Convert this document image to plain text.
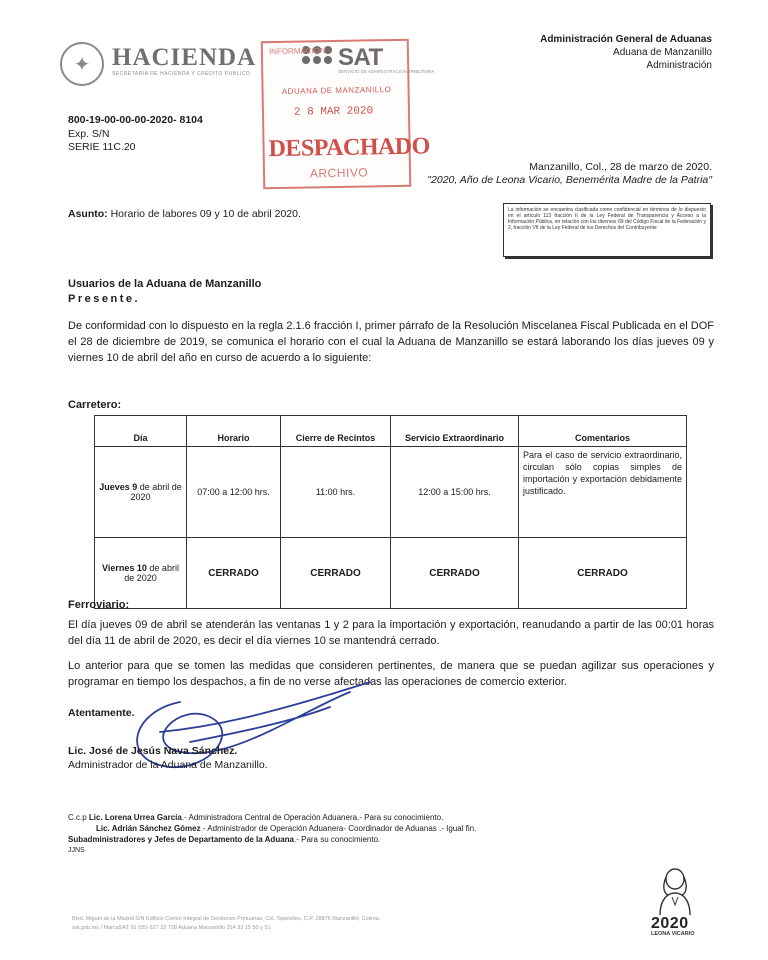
✦ HACIENDA
SECRETARÍA DE HACIENDA Y CRÉDITO PÚBLICO
SAT
SERVICIO DE ADMINISTRACIÓN TRIBUTARIA
INFORMACIÓN
ADUANA DE MANZANILLO
2 8 MAR 2020
DESPACHADO
ARCHIVO
Administración General de Aduanas
Aduana de Manzanillo
Administración
800-19-00-00-00-2020- 8104
Exp. S/N
SERIE 11C.20
Manzanillo, Col., 28 de marzo de 2020.
"2020, Año de Leona Vicario, Benemérita Madre de la Patria"
Asunto: Horario de labores 09 y 10 de abril 2020.	La información se encuentra clasificada como confidencial en términos de lo dispuesto en el artículo 113 fracción II de la Ley Federal de Transparencia y Acceso a la Información Pública, en relación con los diversos 69 del Código Fiscal de la Federación y 2, fracción VII de la Ley Federal de los Derechos del Contribuyente
Usuarios de la Aduana de Manzanillo
Presente.
De conformidad con lo dispuesto en la regla 2.1.6 fracción I, primer párrafo de la Resolución Miscelanea Fiscal Publicada en el DOF el 28 de diciembre de 2019, se comunica el horario con el cual la Aduana de Manzanillo se estará laborando los días jueves 09 y viernes 10 de abril del año en curso de acuerdo a lo siguiente:
Carretero:
Día	Horario	Cierre de Recintos	Servicio Extraordinario	Comentarios
Jueves 9 de abril de 2020	07:00 a 12:00 hrs.	11:00 hrs.	12:00 a 15:00 hrs.	Para el caso de servicio extraordinario, circulan sólo copias simples de importación y exportación debidamente justificado.
Viernes 10 de abril de 2020	CERRADO	CERRADO	CERRADO	CERRADO
Ferroviario:
El día jueves 09 de abril se atenderán las ventanas 1 y 2 para la importación y exportación, reanudando a partir de las 00:01 horas del día 11 de abril de 2020, es decir el día viernes 10 se mantendrá cerrado.
Lo anterior para que se tomen las medidas que consideren pertinentes, de manera que se puedan agilizar sus operaciones y programar en tiempo los despachos, a fin de no verse afectadas las operaciones de comercio exterior.
Atentamente.
Lic. José de Jesús Nava Sánchez.
Administrador de la Aduana de Manzanillo.
C.c.p Lic. Lorena Urrea García.- Administradora Central de Operación Aduanera.- Para su conocimiento.
Lic. Adrián Sánchez Gómez - Administrador de Operación Aduanera- Coordinador de Aduanas .- Igual fin.
Subadministradores y Jefes de Departamento de la Aduana.- Para su conocimiento.
JJNS
Blvd. Miguel de la Madrid S/N Edificio Centro Integral de Gestiones Portuarias, Col. Tapeixtles, C.P. 28876 Manzanillo, Colima.
sat.gob.mx / MarcaSAT 01 (55) 627 22 728 Aduana Manzanillo 314 33 15 50 y 51	2020
LEONA VICARIO
